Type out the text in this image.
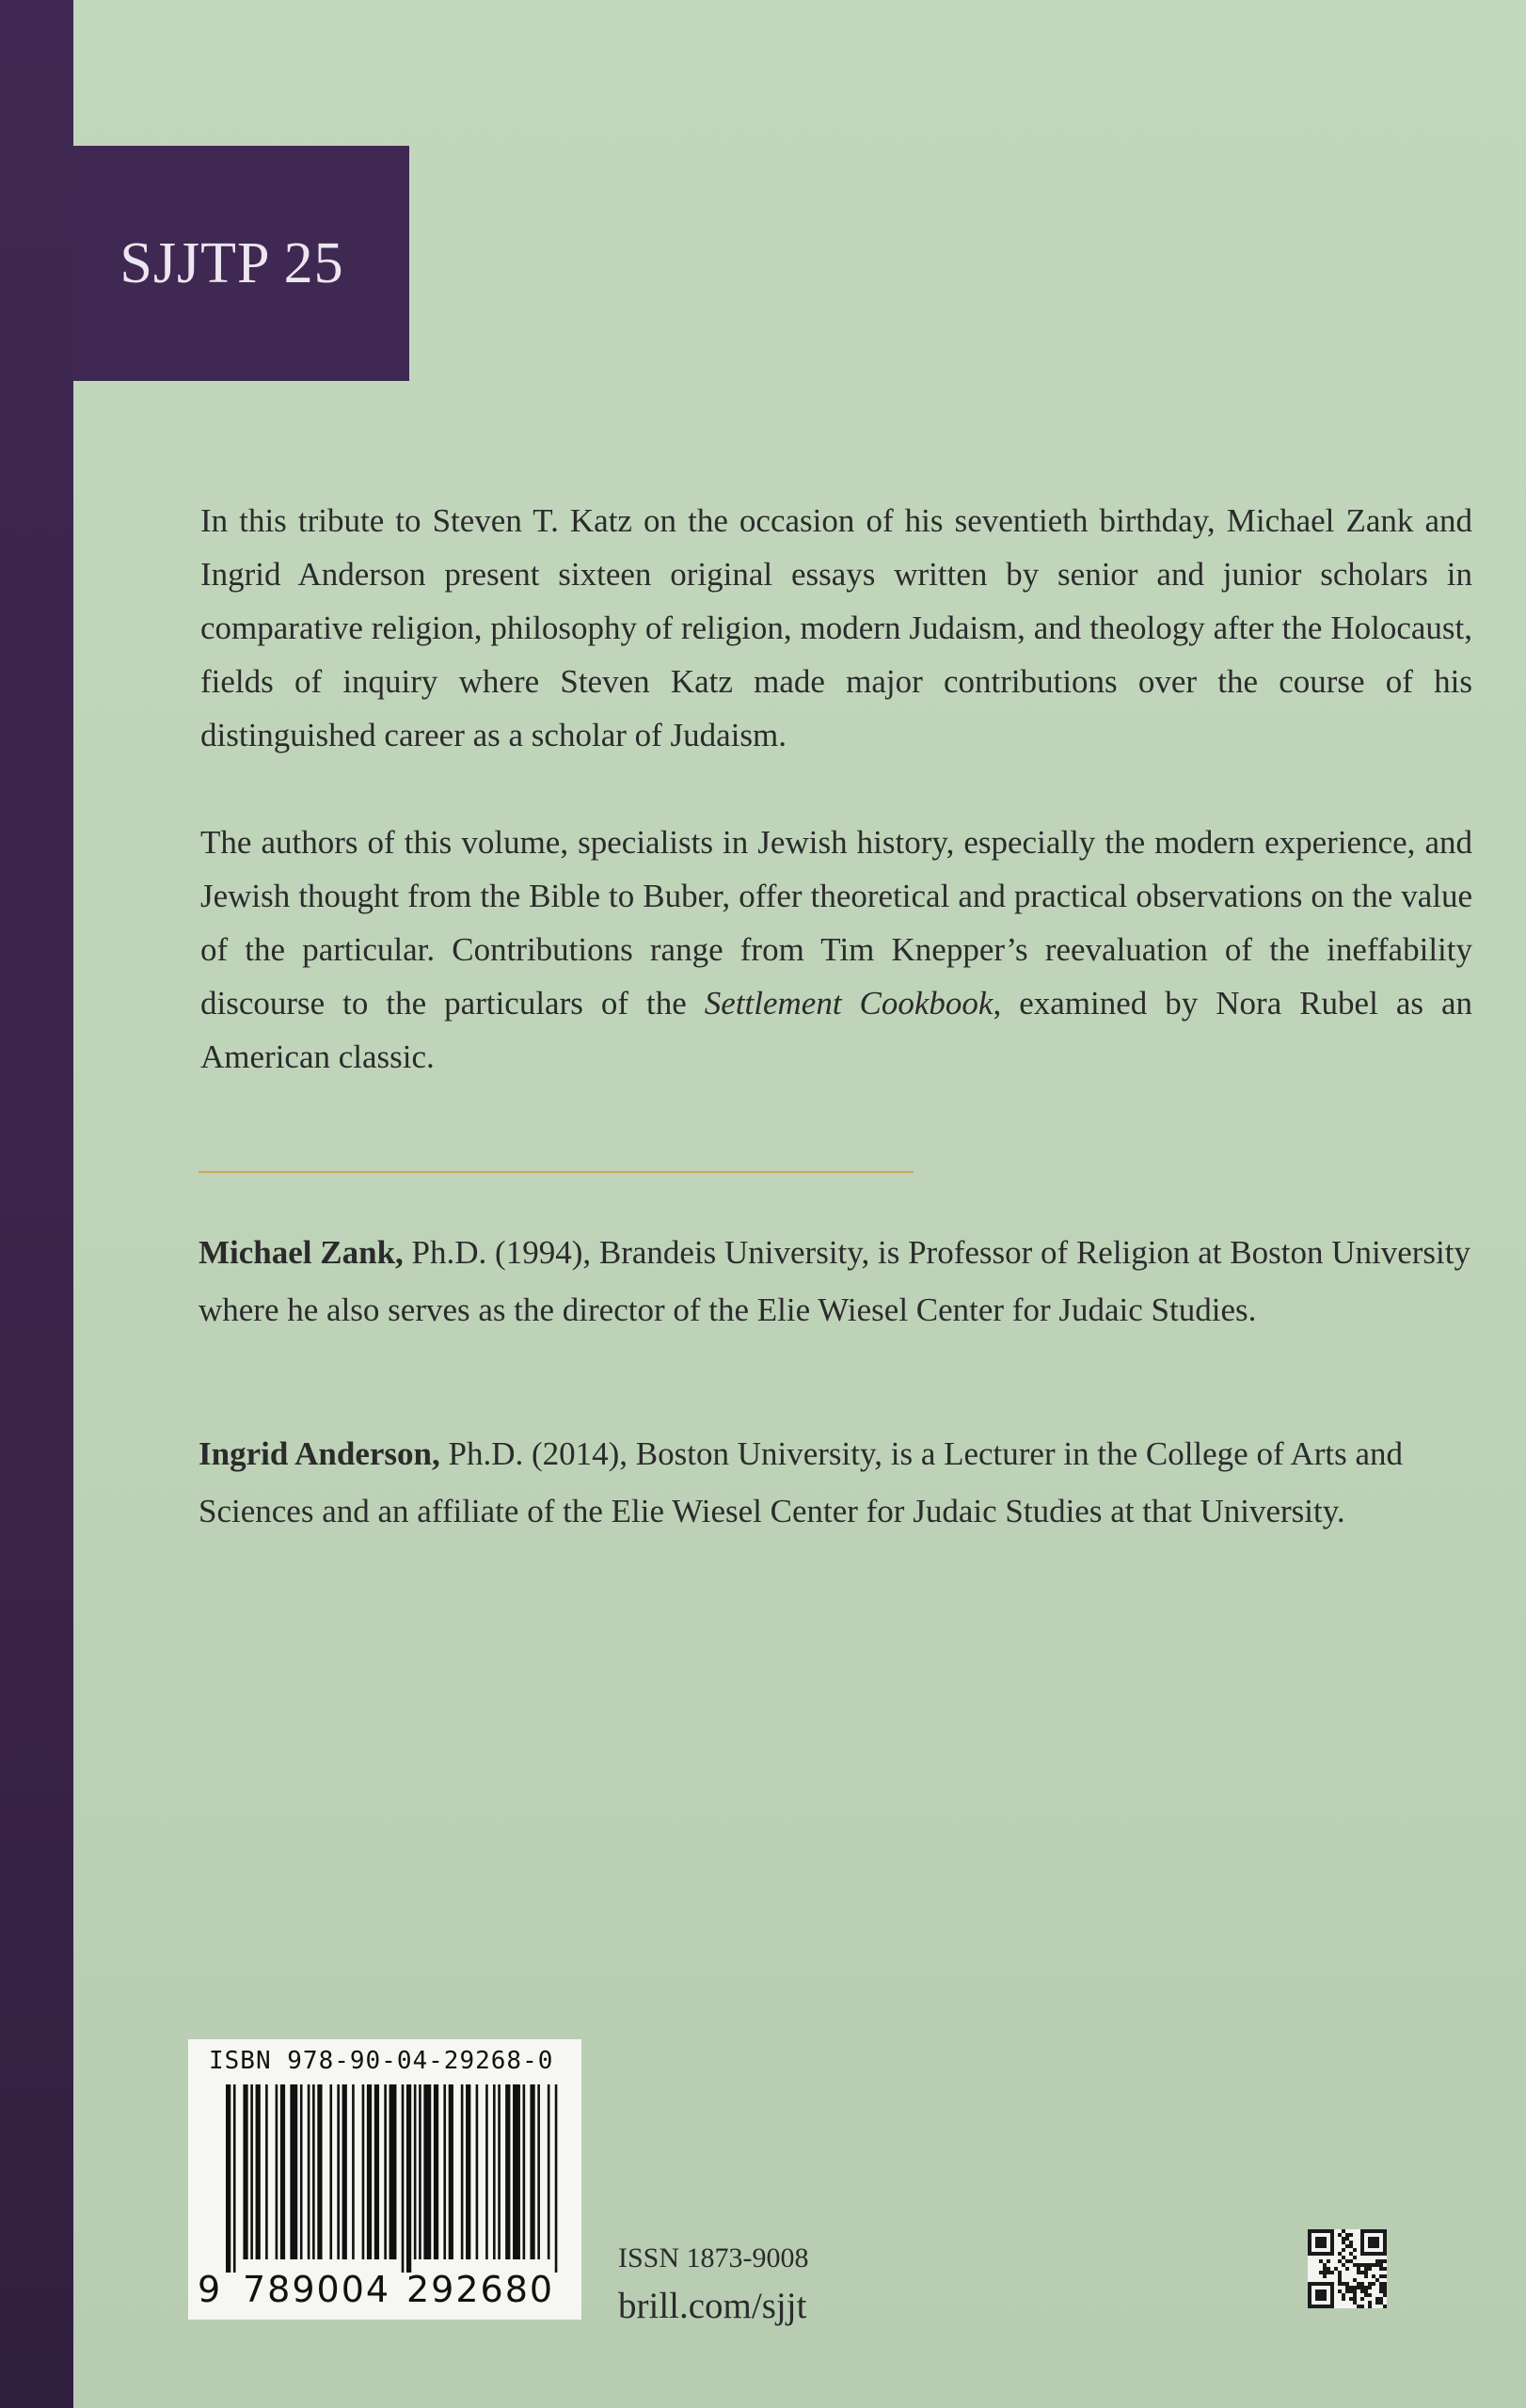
SJJTP 25

In this tribute to Steven T. Katz on the occasion of his seventieth birthday, Michael Zank and Ingrid Anderson present sixteen original essays written by senior and junior scholars in comparative religion, philosophy of religion, modern Judaism, and theology after the Holocaust, fields of inquiry where Steven Katz made major contributions over the course of his distinguished career as a scholar of Judaism.

The authors of this volume, specialists in Jewish history, especially the modern experience, and Jewish thought from the Bible to Buber, offer theoretical and practical observations on the value of the particular. Contributions range from Tim Knepper’s reevaluation of the ineffability discourse to the particulars of the Settlement Cookbook, examined by Nora Rubel as an American classic.

Michael Zank, Ph.D. (1994), Brandeis University, is Professor of Religion at Boston University where he also serves as the director of the Elie Wiesel Center for Judaic Studies.

Ingrid Anderson, Ph.D. (2014), Boston University, is a Lecturer in the College of Arts and Sciences and an affiliate of the Elie Wiesel Center for Judaic Studies at that University.

ISBN 978-90-04-29268-0
9 789004 292680
ISSN 1873-9008
brill.com/sjjt
